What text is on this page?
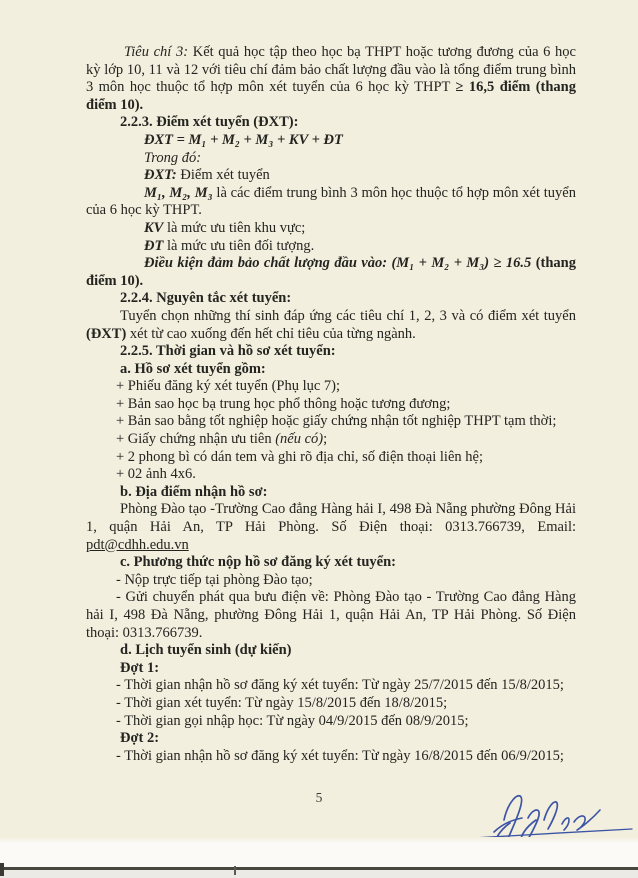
Tiêu chí 3: Kết quả học tập theo học bạ THPT hoặc tương đương của 6 học kỳ lớp 10, 11 và 12 với tiêu chí đảm bảo chất lượng đầu vào là tổng điểm trung bình 3 môn học thuộc tổ hợp môn xét tuyển của 6 học kỳ THPT ≥ 16,5 điểm (thang điểm 10).

2.2.3. Điểm xét tuyển (ĐXT):

ĐXT = M₁ + M₂ + M₃ + KV + ĐT

Trong đó:

ĐXT: Điểm xét tuyển

M₁, M₂, M₃ là các điểm trung bình 3 môn học thuộc tổ hợp môn xét tuyển của 6 học kỳ THPT.

KV là mức ưu tiên khu vực;

ĐT là mức ưu tiên đối tượng.

Điều kiện đảm bảo chất lượng đầu vào: (M₁ + M₂ + M₃) ≥ 16.5 (thang điểm 10).

2.2.4. Nguyên tắc xét tuyển:

Tuyển chọn những thí sinh đáp ứng các tiêu chí 1, 2, 3 và có điểm xét tuyển (ĐXT) xét từ cao xuống đến hết chỉ tiêu của từng ngành.

2.2.5. Thời gian và hồ sơ xét tuyển:

a. Hồ sơ xét tuyển gồm:

+ Phiếu đăng ký xét tuyển (Phụ lục 7);

+ Bản sao học bạ trung học phổ thông hoặc tương đương;

+ Bản sao bằng tốt nghiệp hoặc giấy chứng nhận tốt nghiệp THPT tạm thời;

+ Giấy chứng nhận ưu tiên (nếu có);

+ 2 phong bì có dán tem và ghi rõ địa chỉ, số điện thoại liên hệ;

+ 02 ảnh 4x6.

b. Địa điểm nhận hồ sơ:

Phòng Đào tạo -Trường Cao đẳng Hàng hải I, 498 Đà Nẵng phường Đông Hải 1, quận Hải An, TP Hải Phòng. Số Điện thoại: 0313.766739, Email: pdt@cdhh.edu.vn

c. Phương thức nộp hồ sơ đăng ký xét tuyển:

- Nộp trực tiếp tại phòng Đào tạo;

- Gửi chuyển phát qua bưu điện về: Phòng Đào tạo - Trường Cao đẳng Hàng hải I, 498 Đà Nẵng, phường Đông Hải 1, quận Hải An, TP Hải Phòng. Số Điện thoại: 0313.766739.

d. Lịch tuyển sinh (dự kiến)

Đợt 1:

- Thời gian nhận hồ sơ đăng ký xét tuyển: Từ ngày 25/7/2015 đến 15/8/2015;

- Thời gian xét tuyển: Từ ngày 15/8/2015 đến 18/8/2015;

- Thời gian gọi nhập học: Từ ngày 04/9/2015 đến 08/9/2015;

Đợt 2:

- Thời gian nhận hồ sơ đăng ký xét tuyển: Từ ngày 16/8/2015 đến 06/9/2015;

5
